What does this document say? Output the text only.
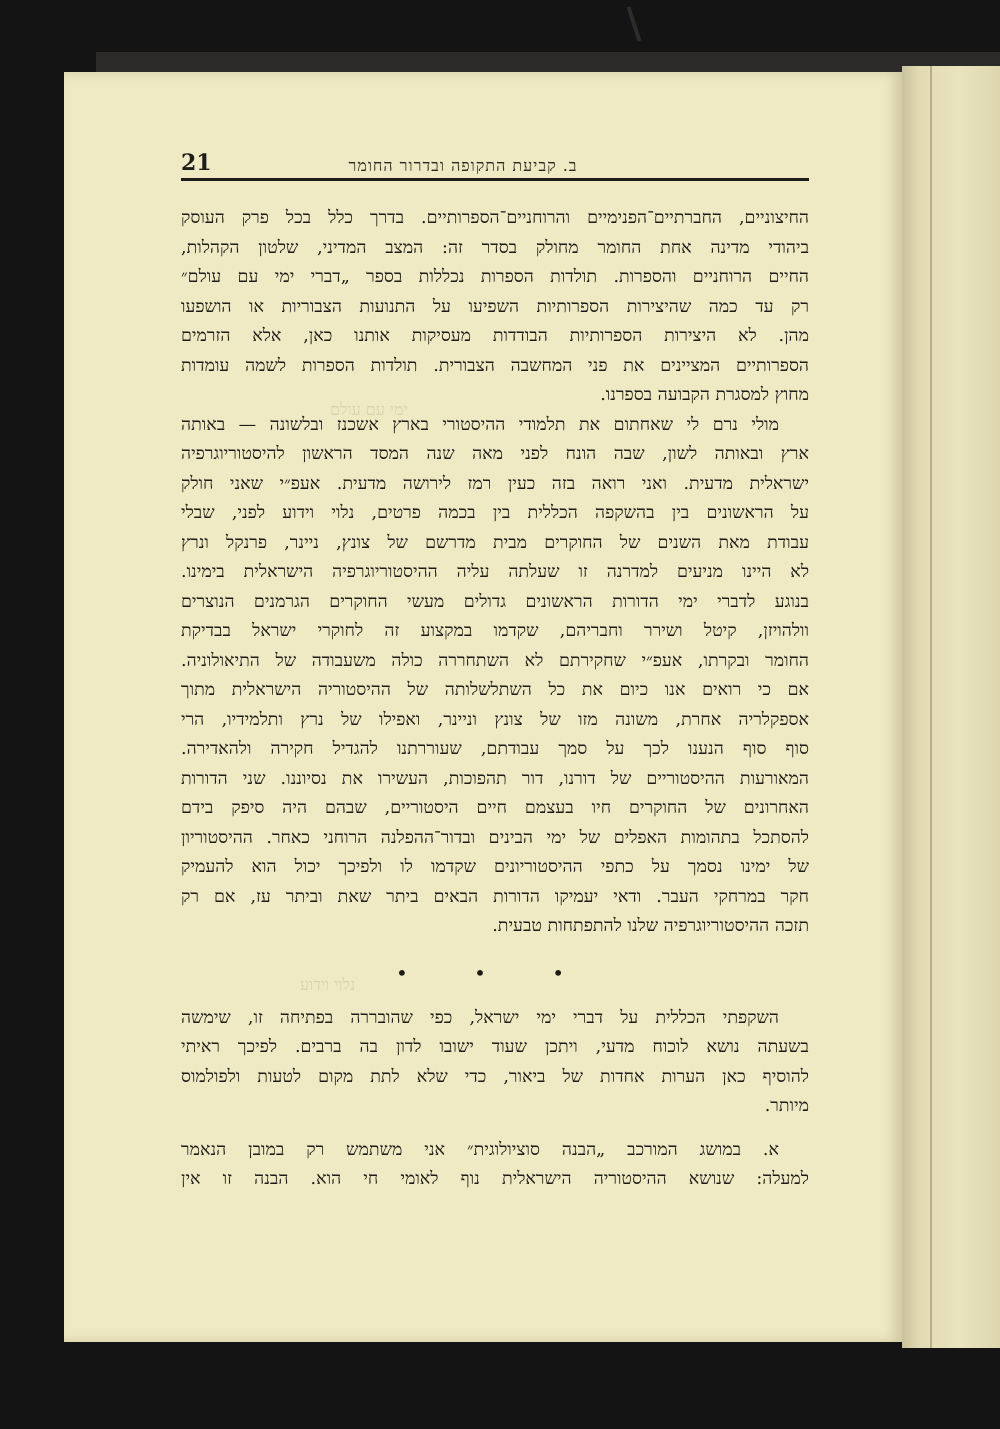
21	ב. קביעת התקופה ובדרור החומר
ימי עם עולם
נלוי וידוע
החיצוניים, החברתיים־הפנימיים והרוחניים־הספרותיים. בדרך כלל בכל פרק העוסק
ביהודי מדינה אחת החומר מחולק בסדר זה: המצב המדיני, שלטון הקהלות,
החיים הרוחניים והספרות. תולדות הספרות נכללות בספר „דברי ימי עם עולם״
רק עד כמה שהיצירות הספרותיות השפיעו על התנועות הצבוריות או הושפעו
מהן. לא היצירות הספרותיות הבודדות מעסיקות אותנו כאן, אלא הזרמים
הספרותיים המציינים את פני המחשבה הצבורית. תולדות הספרות לשמה עומדות
מחוץ למסגרת הקבועה בספרנו.
מולי נרם לי שאחתום את תלמודי ההיסטורי בארץ אשכנז ובלשונה — באותה
ארץ ובאותה לשון, שבה הונח לפני מאה שנה המסד הראשון להיסטוריוגרפיה
ישראלית מדעית. ואני רואה בזה כעין רמז לירושה מדעית. אעפ״י שאני חולק
על הראשונים בין בהשקפה הכללית בין בכמה פרטים, נלוי וידוע לפני, שבלי
עבודת מאת השנים של החוקרים מבית מדרשם של צונץ, ניינר, פרנקל ונרץ
לא היינו מניעים למדרנה זו שעלתה עליה ההיסטוריוגרפיה הישראלית בימינו.
בנוגע לדברי ימי הדורות הראשונים גדולים מעשי החוקרים הגרמנים הנוצרים
וולהויזן, קיטל ושירר וחבריהם, שקדמו במקצוע זה לחוקרי ישראל בבדיקת
החומר ובקרתו, אעפ״י שחקירתם לא השתחררה כולה משעבודה של התיאולוניה.
אם כי רואים אנו כיום את כל השתלשלותה של ההיסטוריה הישראלית מתוך
אספקלריה אחרת, משונה מזו של צונץ וניינר, ואפילו של נרץ ותלמידיו, הרי
סוף סוף הנענו לכך על סמך עבודתם, שעוררתנו להגדיל חקירה ולהאדירה.
המאורעות ההיסטוריים של דורנו, דור תהפוכות, העשירו את נסיוננו. שני הדורות
האחרונים של החוקרים חיו בעצמם חיים היסטוריים, שבהם היה סיפק בידם
להסתכל בתהומות האפלים של ימי הבינים ובדור־ההפלנה הרוחני כאחר. ההיסטוריון
של ימינו נסמך על כתפי ההיסטוריונים שקדמו לו ולפיכך יכול הוא להעמיק
חקר במרחקי העבר. ודאי יעמיקו הדורות הבאים ביתר שאת וביתר עז, אם רק
תזכה ההיסטוריוגרפיה שלנו להתפתחות טבעית.
• • •
השקפתי הכללית על דברי ימי ישראל, כפי שהובררה בפתיחה זו, שימשה
בשעתה נושא לוכוח מדעי, ויתכן שעוד ישובו לדון בה ברבים. לפיכך ראיתי
להוסיף כאן הערות אחדות של ביאור, כדי שלא לתת מקום לטעות ולפולמוס
מיותר.
א. במושג המורכב „הבנה סוציולוגית״ אני משתמש רק במובן הנאמר
למעלה: שנושא ההיסטוריה הישראלית נוף לאומי חי הוא. הבנה זו אין
